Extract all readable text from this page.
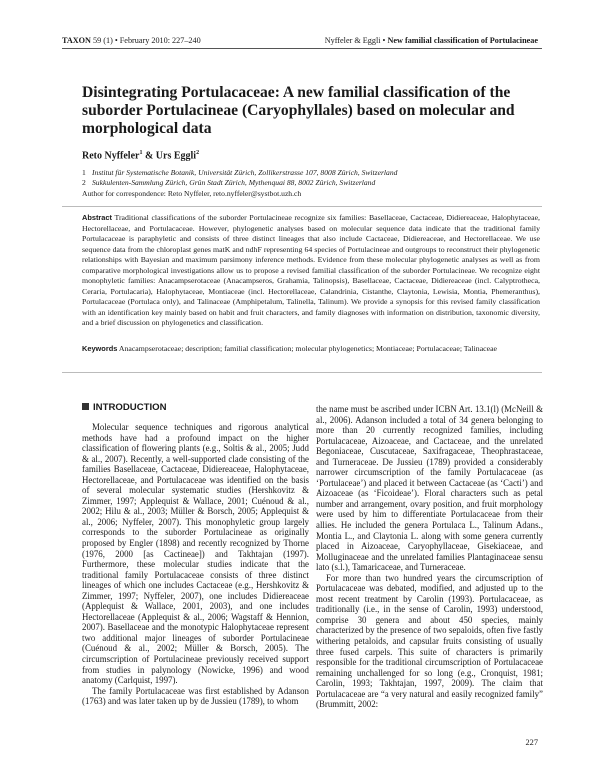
TAXON 59 (1) • February 2010: 227–240	Nyffeler & Eggli • New familial classification of Portulacineae
Disintegrating Portulacaceae: A new familial classification of the suborder Portulacineae (Caryophyllales) based on molecular and morphological data
Reto Nyffeler$^1$ & Urs Eggli$^2$
1 Institut für Systematische Botanik, Universität Zürich, Zollikerstrasse 107, 8008 Zürich, Switzerland
2 Sukkulenten-Sammlung Zürich, Grün Stadt Zürich, Mythenquai 88, 8002 Zürich, Switzerland
Author for correspondence: Reto Nyffeler, reto.nyffeler@systbot.uzh.ch
Abstract Traditional classifications of the suborder Portulacineae recognize six families: Basellaceae, Cactaceae, Didiereaceae, Halophytaceae, Hectorellaceae, and Portulacaceae. However, phylogenetic analyses based on molecular sequence data indicate that the traditional family Portulacaceae is paraphyletic and consists of three distinct lineages that also include Cactaceae, Didiereaceae, and Hectorellaceae. We use sequence data from the chloroplast genes matK and ndhF representing 64 species of Portulacineae and outgroups to reconstruct their phylogenetic relationships with Bayesian and maximum parsimony inference methods. Evidence from these molecular phylogenetic analyses as well as from comparative morphological investigations allow us to propose a revised familial classification of the suborder Portulacineae. We recognize eight monophyletic families: Anacampserotaceae (Anacampseros, Grahamia, Talinopsis), Basellaceae, Cactaceae, Didiereaceae (incl. Calyptrotheca, Ceraria, Portulacaria), Halophytaceae, Montiaceae (incl. Hectorellaceae, Calandrinia, Cistanthe, Claytonia, Lewisia, Montia, Phemeranthus), Portulacaceae (Portulaca only), and Talinaceae (Amphipetalum, Talinella, Talinum). We provide a synopsis for this revised family classification with an identification key mainly based on habit and fruit characters, and family diagnoses with information on distribution, taxonomic diversity, and a brief discussion on phylogenetics and classification.
Keywords Anacampserotaceae; description; familial classification; molecular phylogenetics; Montiaceae; Portulacaceae; Talinaceae
INTRODUCTION

Molecular sequence techniques and rigorous analytical methods have had a profound impact on the higher classification of flowering plants (e.g., Soltis & al., 2005; Judd & al., 2007). Recently, a well-supported clade consisting of the families Basellaceae, Cactaceae, Didiereaceae, Halophytaceae, Hectorellaceae, and Portulacaceae was identified on the basis of several molecular systematic studies (Hershkovitz & Zimmer, 1997; Applequist & Wallace, 2001; Cuénoud & al., 2002; Hilu & al., 2003; Müller & Borsch, 2005; Applequist & al., 2006; Nyffeler, 2007). This monophyletic group largely corresponds to the suborder Portulacineae as originally proposed by Engler (1898) and recently recognized by Thorne (1976, 2000 [as Cactineae]) and Takhtajan (1997). Furthermore, these molecular studies indicate that the traditional family Portulacaceae consists of three distinct lineages of which one includes Cactaceae (e.g., Hershkovitz & Zimmer, 1997; Nyffeler, 2007), one includes Didiereaceae (Applequist & Wallace, 2001, 2003), and one includes Hectorellaceae (Applequist & al., 2006; Wagstaff & Hennion, 2007). Basellaceae and the monotypic Halophytaceae represent two additional major lineages of suborder Portulacineae (Cuénoud & al., 2002; Müller & Borsch, 2005). The circumscription of Portulacineae previously received support from studies in palynology (Nowicke, 1996) and wood anatomy (Carlquist, 1997).

The family Portulacaceae was first established by Adanson (1763) and was later taken up by de Jussieu (1789), to whom

the name must be ascribed under ICBN Art. 13.1(l) (McNeill & al., 2006). Adanson included a total of 34 genera belonging to more than 20 currently recognized families, including Portulacaceae, Aizoaceae, and Cactaceae, and the unrelated Begoniaceae, Cuscutaceae, Saxifragaceae, Theophrastaceae, and Turneraceae. De Jussieu (1789) provided a considerably narrower circumscription of the family Portulacaceae (as ‘Portulaceae’) and placed it between Cactaceae (as ‘Cacti’) and Aizoaceae (as ‘Ficoideae’). Floral characters such as petal number and arrangement, ovary position, and fruit morphology were used by him to differentiate Portulacaceae from their allies. He included the genera Portulaca L., Talinum Adans., Montia L., and Claytonia L. along with some genera currently placed in Aizoaceae, Caryophyllaceae, Gisekiaceae, and Molluginaceae and the unrelated families Plantaginaceae sensu lato (s.l.), Tamaricaceae, and Turneraceae.

For more than two hundred years the circumscription of Portulacaceae was debated, modified, and adjusted up to the most recent treatment by Carolin (1993). Portulacaceae, as traditionally (i.e., in the sense of Carolin, 1993) understood, comprise 30 genera and about 450 species, mainly characterized by the presence of two sepaloids, often five fastly withering petaloids, and capsular fruits consisting of usually three fused carpels. This suite of characters is primarily responsible for the traditional circumscription of Portulacaceae remaining unchallenged for so long (e.g., Cronquist, 1981; Carolin, 1993; Takhtajan, 1997, 2009). The claim that Portulacaceae are “a very natural and easily recognized family” (Brummitt, 2002:

227
